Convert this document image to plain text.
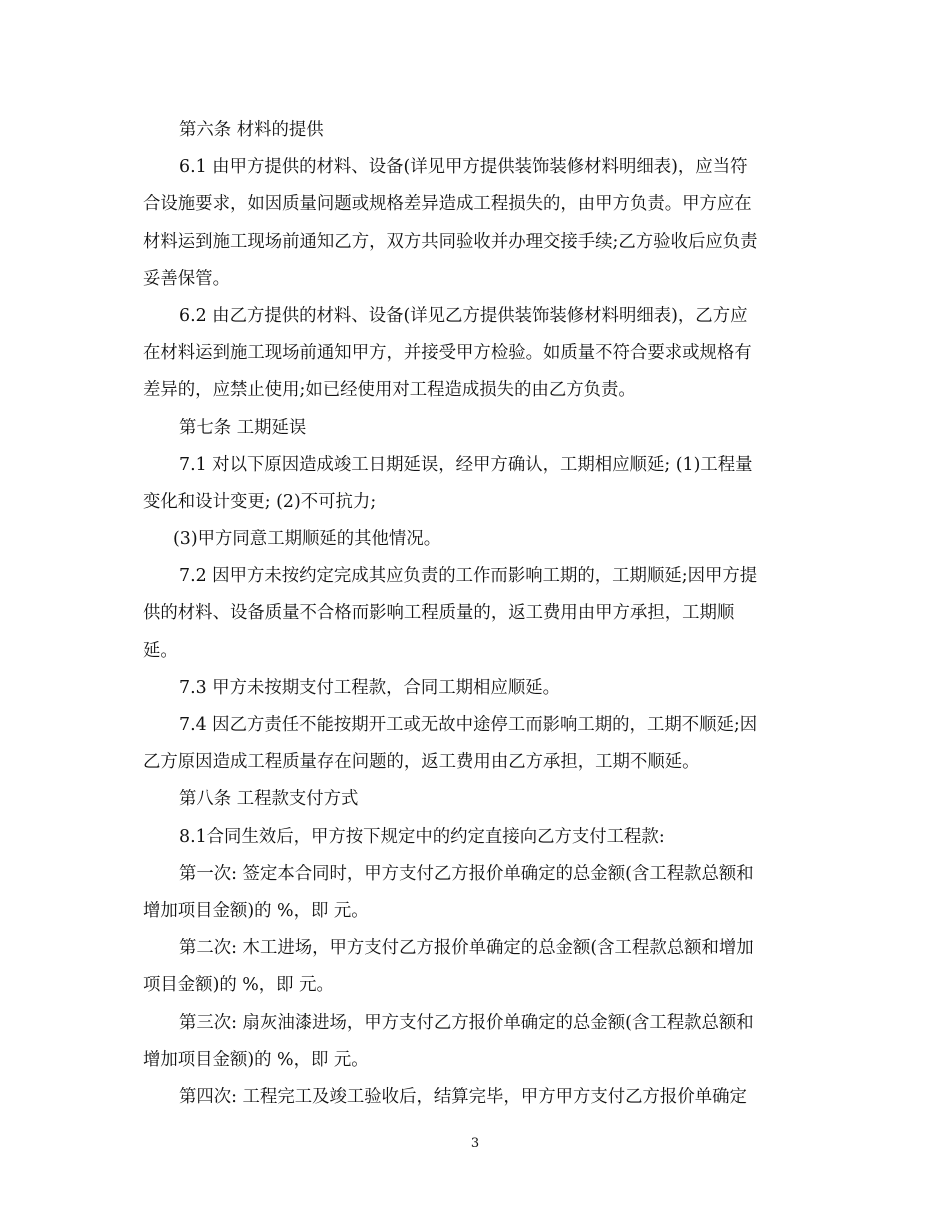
第六条 材料的提供
6.1 由甲方提供的材料、设备(详见甲方提供装饰装修材料明细表)，应当符
合设施要求，如因质量问题或规格差异造成工程损失的，由甲方负责。甲方应在
材料运到施工现场前通知乙方，双方共同验收并办理交接手续;乙方验收后应负责
妥善保管。
6.2 由乙方提供的材料、设备(详见乙方提供装饰装修材料明细表)，乙方应
在材料运到施工现场前通知甲方，并接受甲方检验。如质量不符合要求或规格有
差异的，应禁止使用;如已经使用对工程造成损失的由乙方负责。
第七条 工期延误
7.1 对以下原因造成竣工日期延误，经甲方确认，工期相应顺延; (1)工程量
变化和设计变更; (2)不可抗力;
(3)甲方同意工期顺延的其他情况。
7.2 因甲方未按约定完成其应负责的工作而影响工期的，工期顺延;因甲方提
供的材料、设备质量不合格而影响工程质量的，返工费用由甲方承担，工期顺
延。
7.3 甲方未按期支付工程款，合同工期相应顺延。
7.4 因乙方责任不能按期开工或无故中途停工而影响工期的，工期不顺延;因
乙方原因造成工程质量存在问题的，返工费用由乙方承担，工期不顺延。
第八条 工程款支付方式
8.1合同生效后，甲方按下规定中的约定直接向乙方支付工程款:
第一次: 签定本合同时，甲方支付乙方报价单确定的总金额(含工程款总额和
增加项目金额)的 %，即 元。
第二次: 木工进场，甲方支付乙方报价单确定的总金额(含工程款总额和增加
项目金额)的 %，即 元。
第三次: 扇灰油漆进场，甲方支付乙方报价单确定的总金额(含工程款总额和
增加项目金额)的 %，即 元。
第四次: 工程完工及竣工验收后，结算完毕，甲方甲方支付乙方报价单确定
3
